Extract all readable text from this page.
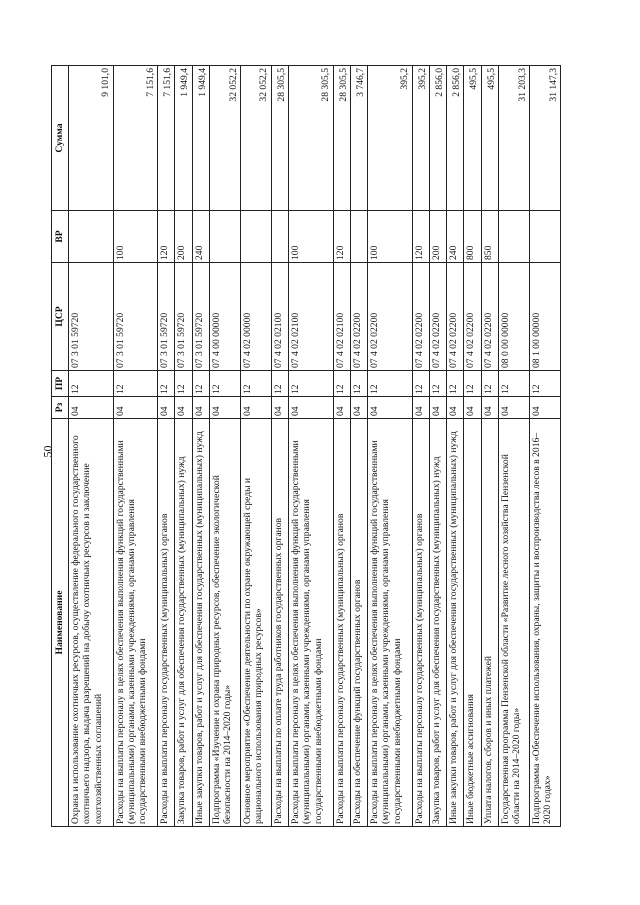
50
Наименование	Рз	ПР	ЦСР	ВР	Сумма
Охрана и использование охотничьих ресурсов, осуществление федерального государственного охотничьего надзора, выдача разрешений на добычу охотничьих ресурсов и заключение охотхозяйственных соглашений	04	12	07 3 01 59720		9 101,0
Расходы на выплаты персоналу в целях обеспечения выполнения функций государственными (муниципальными) органами, казенными учреждениями, органами управления государственными внебюджетными фондами	04	12	07 3 01 59720	100	7 151,6
Расходы на выплаты персоналу государственных (муниципальных) органов	04	12	07 3 01 59720	120	7 151,6
Закупка товаров, работ и услуг для обеспечения государственных (муниципальных) нужд	04	12	07 3 01 59720	200	1 949,4
Иные закупки товаров, работ и услуг для обеспечения государственных (муниципальных) нужд	04	12	07 3 01 59720	240	1 949,4
Подпрограмма «Изучение и охрана природных ресурсов, обеспечение экологической безопасности на 2014–2020 годы»	04	12	07 4 00 00000		32 052,2
Основное мероприятие «Обеспечение деятельности по охране окружающей среды и рационального использования природных ресурсов»	04	12	07 4 02 00000		32 052,2
Расходы на выплаты по оплате труда работников государственных органов	04	12	07 4 02 02100		28 305,5
Расходы на выплаты персоналу в целях обеспечения выполнения функций государственными (муниципальными) органами, казенными учреждениями, органами управления государственными внебюджетными фондами	04	12	07 4 02 02100	100	28 305,5
Расходы на выплаты персоналу государственных (муниципальных) органов	04	12	07 4 02 02100	120	28 305,5
Расходы на обеспечение функций государственных органов	04	12	07 4 02 02200		3 746,7
Расходы на выплаты персоналу в целях обеспечения выполнения функций государственными (муниципальными) органами, казенными учреждениями, органами управления государственными внебюджетными фондами	04	12	07 4 02 02200	100	395,2
Расходы на выплаты персоналу государственных (муниципальных) органов	04	12	07 4 02 02200	120	395,2
Закупка товаров, работ и услуг для обеспечения государственных (муниципальных) нужд	04	12	07 4 02 02200	200	2 856,0
Иные закупки товаров, работ и услуг для обеспечения государственных (муниципальных) нужд	04	12	07 4 02 02200	240	2 856,0
Иные бюджетные ассигнования	04	12	07 4 02 02200	800	495,5
Уплата налогов, сборов и иных платежей	04	12	07 4 02 02200	850	495,5
Государственная программа Пензенской области «Развитие лесного хозяйства Пензенской области на 2014–2020 годы»	04	12	08 0 00 00000		31 203,3
Подпрограмма «Обеспечение использования, охраны, защиты и воспроизводства лесов в 2016–2020 годах»	04	12	08 1 00 00000		31 147,3
